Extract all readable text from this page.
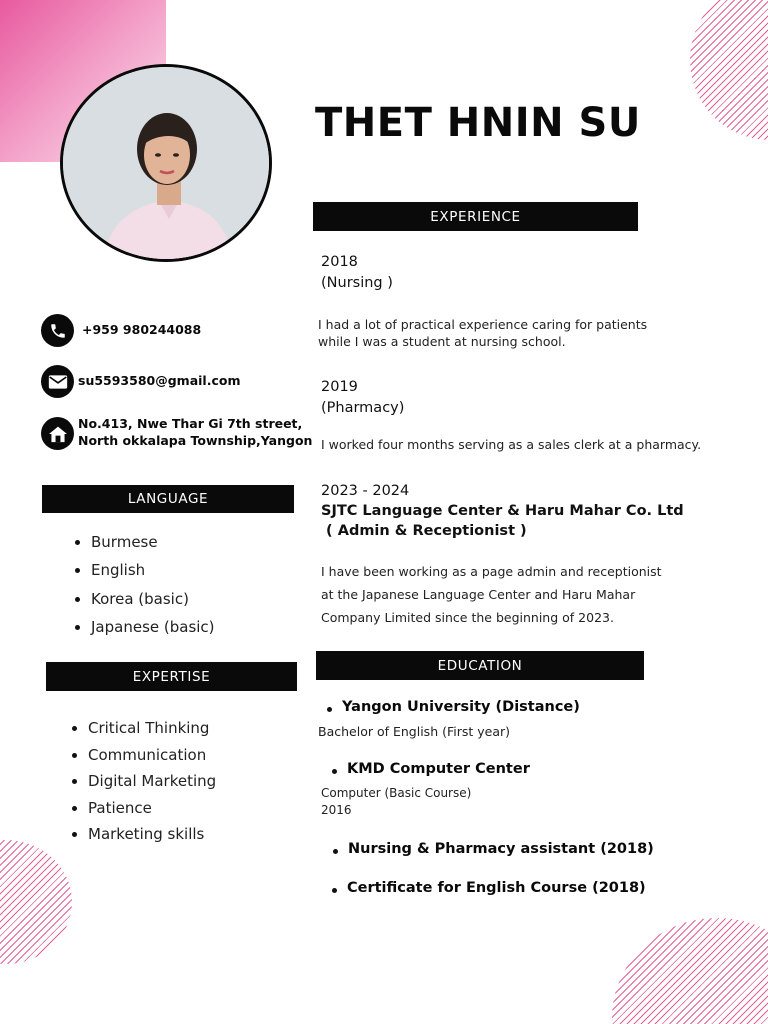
THET HNIN SU
+959 980244088
su5593580@gmail.com
No.413, Nwe Thar Gi 7th street,
North okkalapa Township,Yangon
LANGUAGE
Burmese
English
Korea (basic)
Japanese (basic)
EXPERTISE
Critical Thinking
Communication
Digital Marketing
Patience
Marketing skills
EXPERIENCE
2018
(Nursing )
I had a lot of practical experience caring for patients
while I was a student at nursing school.
2019
(Pharmacy)
I worked four months serving as a sales clerk at a pharmacy.
2023 - 2024
SJTC Language Center & Haru Mahar Co. Ltd
( Admin & Receptionist )
I have been working as a page admin and receptionist
at the Japanese Language Center and Haru Mahar
Company Limited since the beginning of 2023.
EDUCATION
Yangon University (Distance)
Bachelor of English (First year)
KMD Computer Center
Computer (Basic Course)
2016
Nursing & Pharmacy assistant (2018)
Certificate for English Course (2018)
